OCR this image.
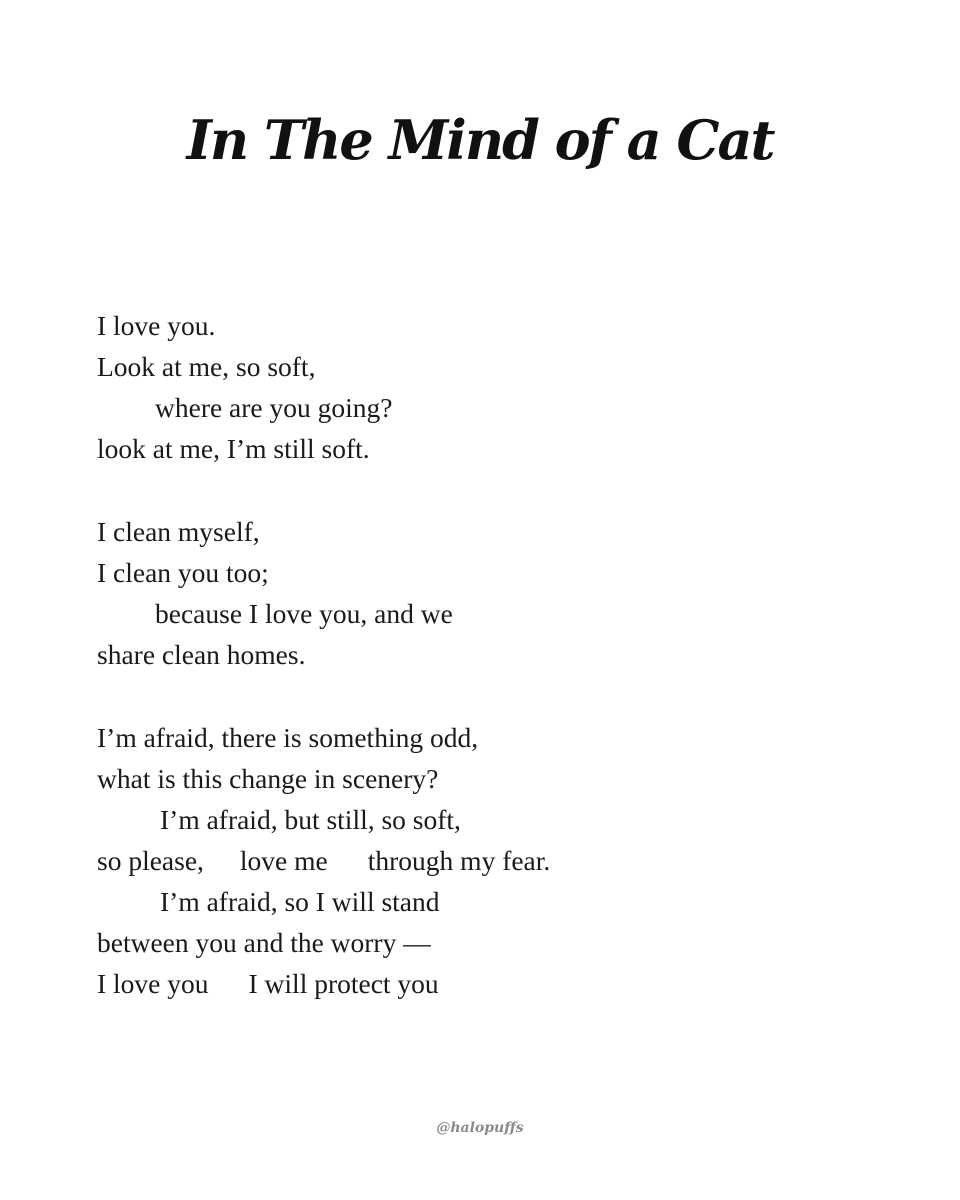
In The Mind of a Cat
I love you.
Look at me, so soft,
where are you going?
look at me, I’m still soft.
I clean myself,
I clean you too;
because I love you, and we
share clean homes.
I’m afraid, there is something odd,
what is this change in scenery?
I’m afraid, but still, so soft,
so please, love me through my fear.
I’m afraid, so I will stand
between you and the worry —
I love you I will protect you
@halopuffs
